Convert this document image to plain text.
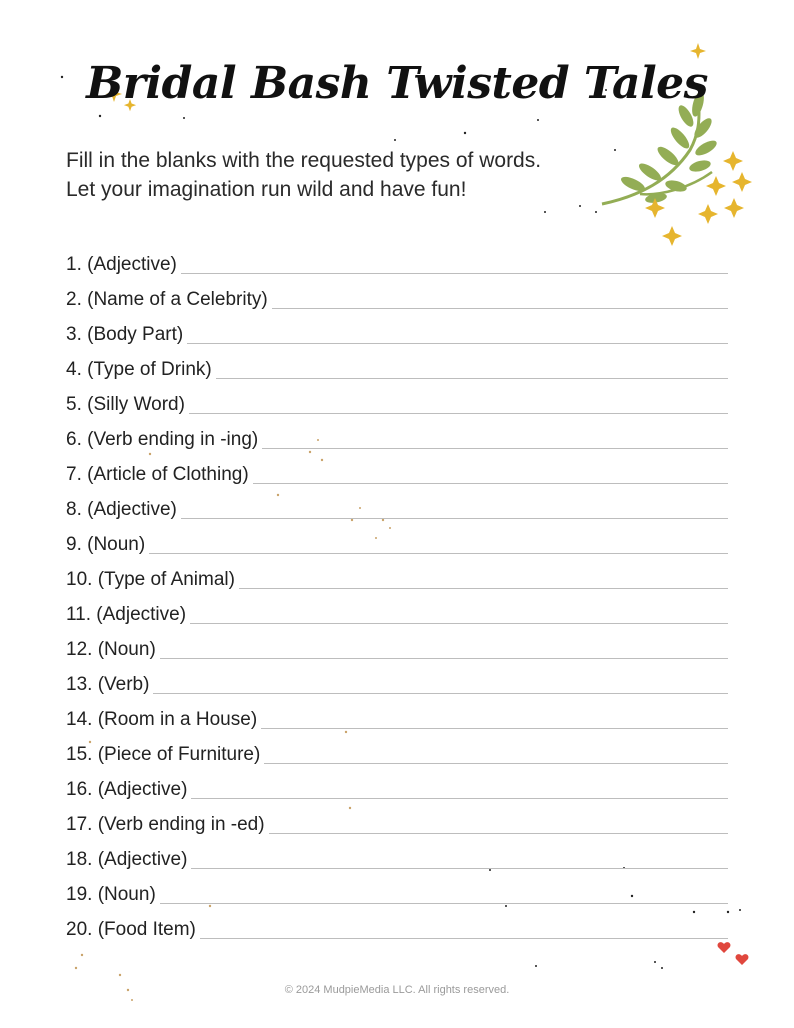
Bridal Bash Twisted Tales
Fill in the blanks with the requested types of words.
Let your imagination run wild and have fun!
1. (Adjective)
2. (Name of a Celebrity)
3. (Body Part)
4. (Type of Drink)
5. (Silly Word)
6. (Verb ending in -ing)
7. (Article of Clothing)
8. (Adjective)
9. (Noun)
10. (Type of Animal)
11. (Adjective)
12. (Noun)
13. (Verb)
14. (Room in a House)
15. (Piece of Furniture)
16. (Adjective)
17. (Verb ending in -ed)
18. (Adjective)
19. (Noun)
20. (Food Item)
© 2024 MudpieMedia LLC. All rights reserved.
